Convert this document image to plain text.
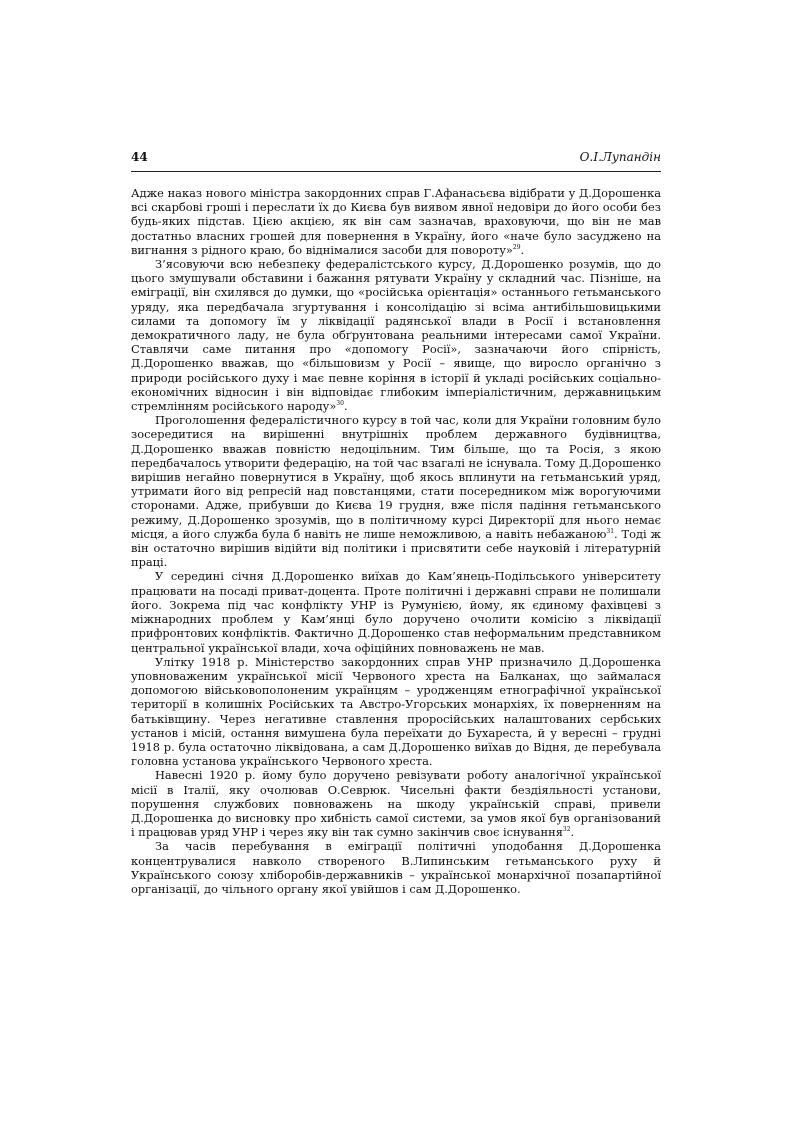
44	О.І.Лупандін

Адже наказ нового міністра закордонних справ Г.Афанасьєва відібрати у Д.Дорошенка всі скарбові гроші і переслати їх до Києва був виявом явної недовіри до його особи без будь-яких підстав. Цією акцією, як він сам зазначав, враховуючи, що він не мав достатньо власних грошей для повернення в Україну, його «наче було засуджено на вигнання з рідного краю, бо віднімалися засоби для повороту»$^{29}$.

З’ясовуючи всю небезпеку федералістського курсу, Д.Дорошенко розумів, що до цього змушували обставини і бажання рятувати Україну у складний час. Пізніше, на еміграції, він схилявся до думки, що «російська орієнтація» останнього гетьманського уряду, яка передбачала згуртування і консолідацію зі всіма антибільшовицькими силами та допомогу їм у ліквідації радянської влади в Росії і встановлення демократичного ладу, не була обґрунтована реальними інтересами самої України. Ставлячи саме питання про «допомогу Росії», зазначаючи його спірність, Д.Дорошенко вважав, що «більшовизм у Росії – явище, що виросло органічно з природи російського духу і має певне коріння в історії й укладі російських соціально-економічних відносин і він відповідає глибоким імперіалістичним, державницьким стремлінням російського народу»$^{30}$.

Проголошення федералістичного курсу в той час, коли для України головним було зосередитися на вирішенні внутрішніх проблем державного будівництва, Д.Дорошенко вважав повністю недоцільним. Тим більше, що та Росія, з якою передбачалось утворити федерацію, на той час взагалі не існувала. Тому Д.Дорошенко вирішив негайно повернутися в Україну, щоб якось вплинути на гетьманський уряд, утримати його від репресій над повстанцями, стати посередником між ворогуючими сторонами. Адже, прибувши до Києва 19 грудня, вже після падіння гетьманського режиму, Д.Дорошенко зрозумів, що в політичному курсі Директорії для нього немає місця, а його служба була б навіть не лише неможливою, а навіть небажаною$^{31}$. Тоді ж він остаточно вирішив відійти від політики і присвятити себе науковій і літературній праці.

У середині січня Д.Дорошенко виїхав до Кам’янець-Подільського університету працювати на посаді приват-доцента. Проте політичні і державні справи не полишали його. Зокрема під час конфлікту УНР із Румунією, йому, як єдиному фахівцеві з міжнародних проблем у Кам’янці було доручено очолити комісію з ліквідації прифронтових конфліктів. Фактично Д.Дорошенко став неформальним представником центральної української влади, хоча офіційних повноважень не мав.

Улітку 1918 р. Міністерство закордонних справ УНР призначило Д.Дорошенка уповноваженим української місії Червоного хреста на Балканах, що займалася допомогою військовополоненим українцям – уродженцям етнографічної української території в колишніх Російських та Австро-Угорських монархіях, їх поверненням на батьківщину. Через негативне ставлення проросійських налаштованих сербських установ і місій, остання вимушена була переїхати до Бухареста, й у вересні – грудні 1918 р. була остаточно ліквідована, а сам Д.Дорошенко виїхав до Відня, де перебувала головна установа українського Червоного хреста.

Навесні 1920 р. йому було доручено ревізувати роботу аналогічної української місії в Італії, яку очолював О.Севрюк. Чисельні факти бездіяльності установи, порушення службових повноважень на шкоду українській справі, привели Д.Дорошенка до висновку про хибність самої системи, за умов якої був організований і працював уряд УНР і через яку він так сумно закінчив своє існування$^{32}$.

За часів перебування в еміграції політичні уподобання Д.Дорошенка концентрувалися навколо створеного В.Липинським гетьманського руху й Українського союзу хліборобів-державників – української монархічної позапартійної організації, до чільного органу якої увійшов і сам Д.Дорошенко.
